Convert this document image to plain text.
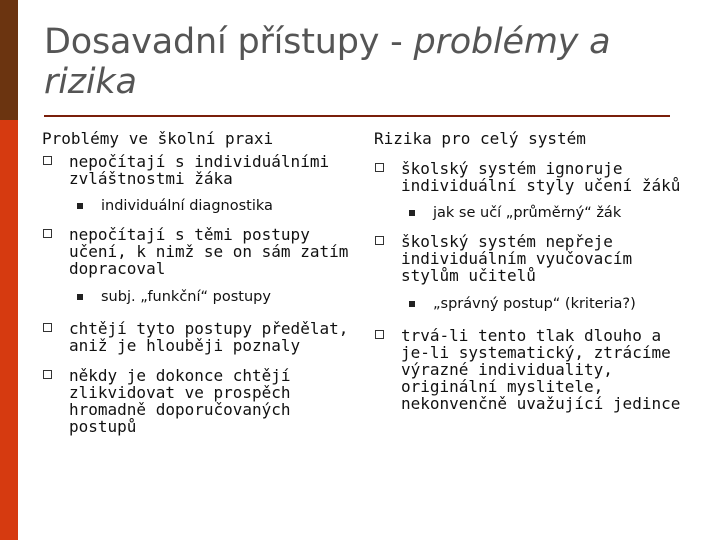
Dosavadní přístupy - problémy a rizika
Problémy ve školní praxi
nepočítají s individuálními zvláštnostmi žáka
individuální diagnostika
nepočítají s těmi postupy učení, k nimž se on sám zatím dopracoval
subj. „funkční“ postupy
chtějí tyto postupy předělat, aniž je hlouběji poznaly
někdy je dokonce chtějí zlikvidovat ve prospěch hromadně doporučovaných postupů
Rizika pro celý systém
školský systém ignoruje individuální styly učení žáků
jak se učí „průměrný“ žák
školský systém nepřeje individuálním vyučovacím stylům učitelů
„správný postup“ (kriteria?)
trvá-li tento tlak dlouho a je-li systematický, ztrácíme výrazné individuality, originální myslitele, nekonvenčně uvažující jedince
